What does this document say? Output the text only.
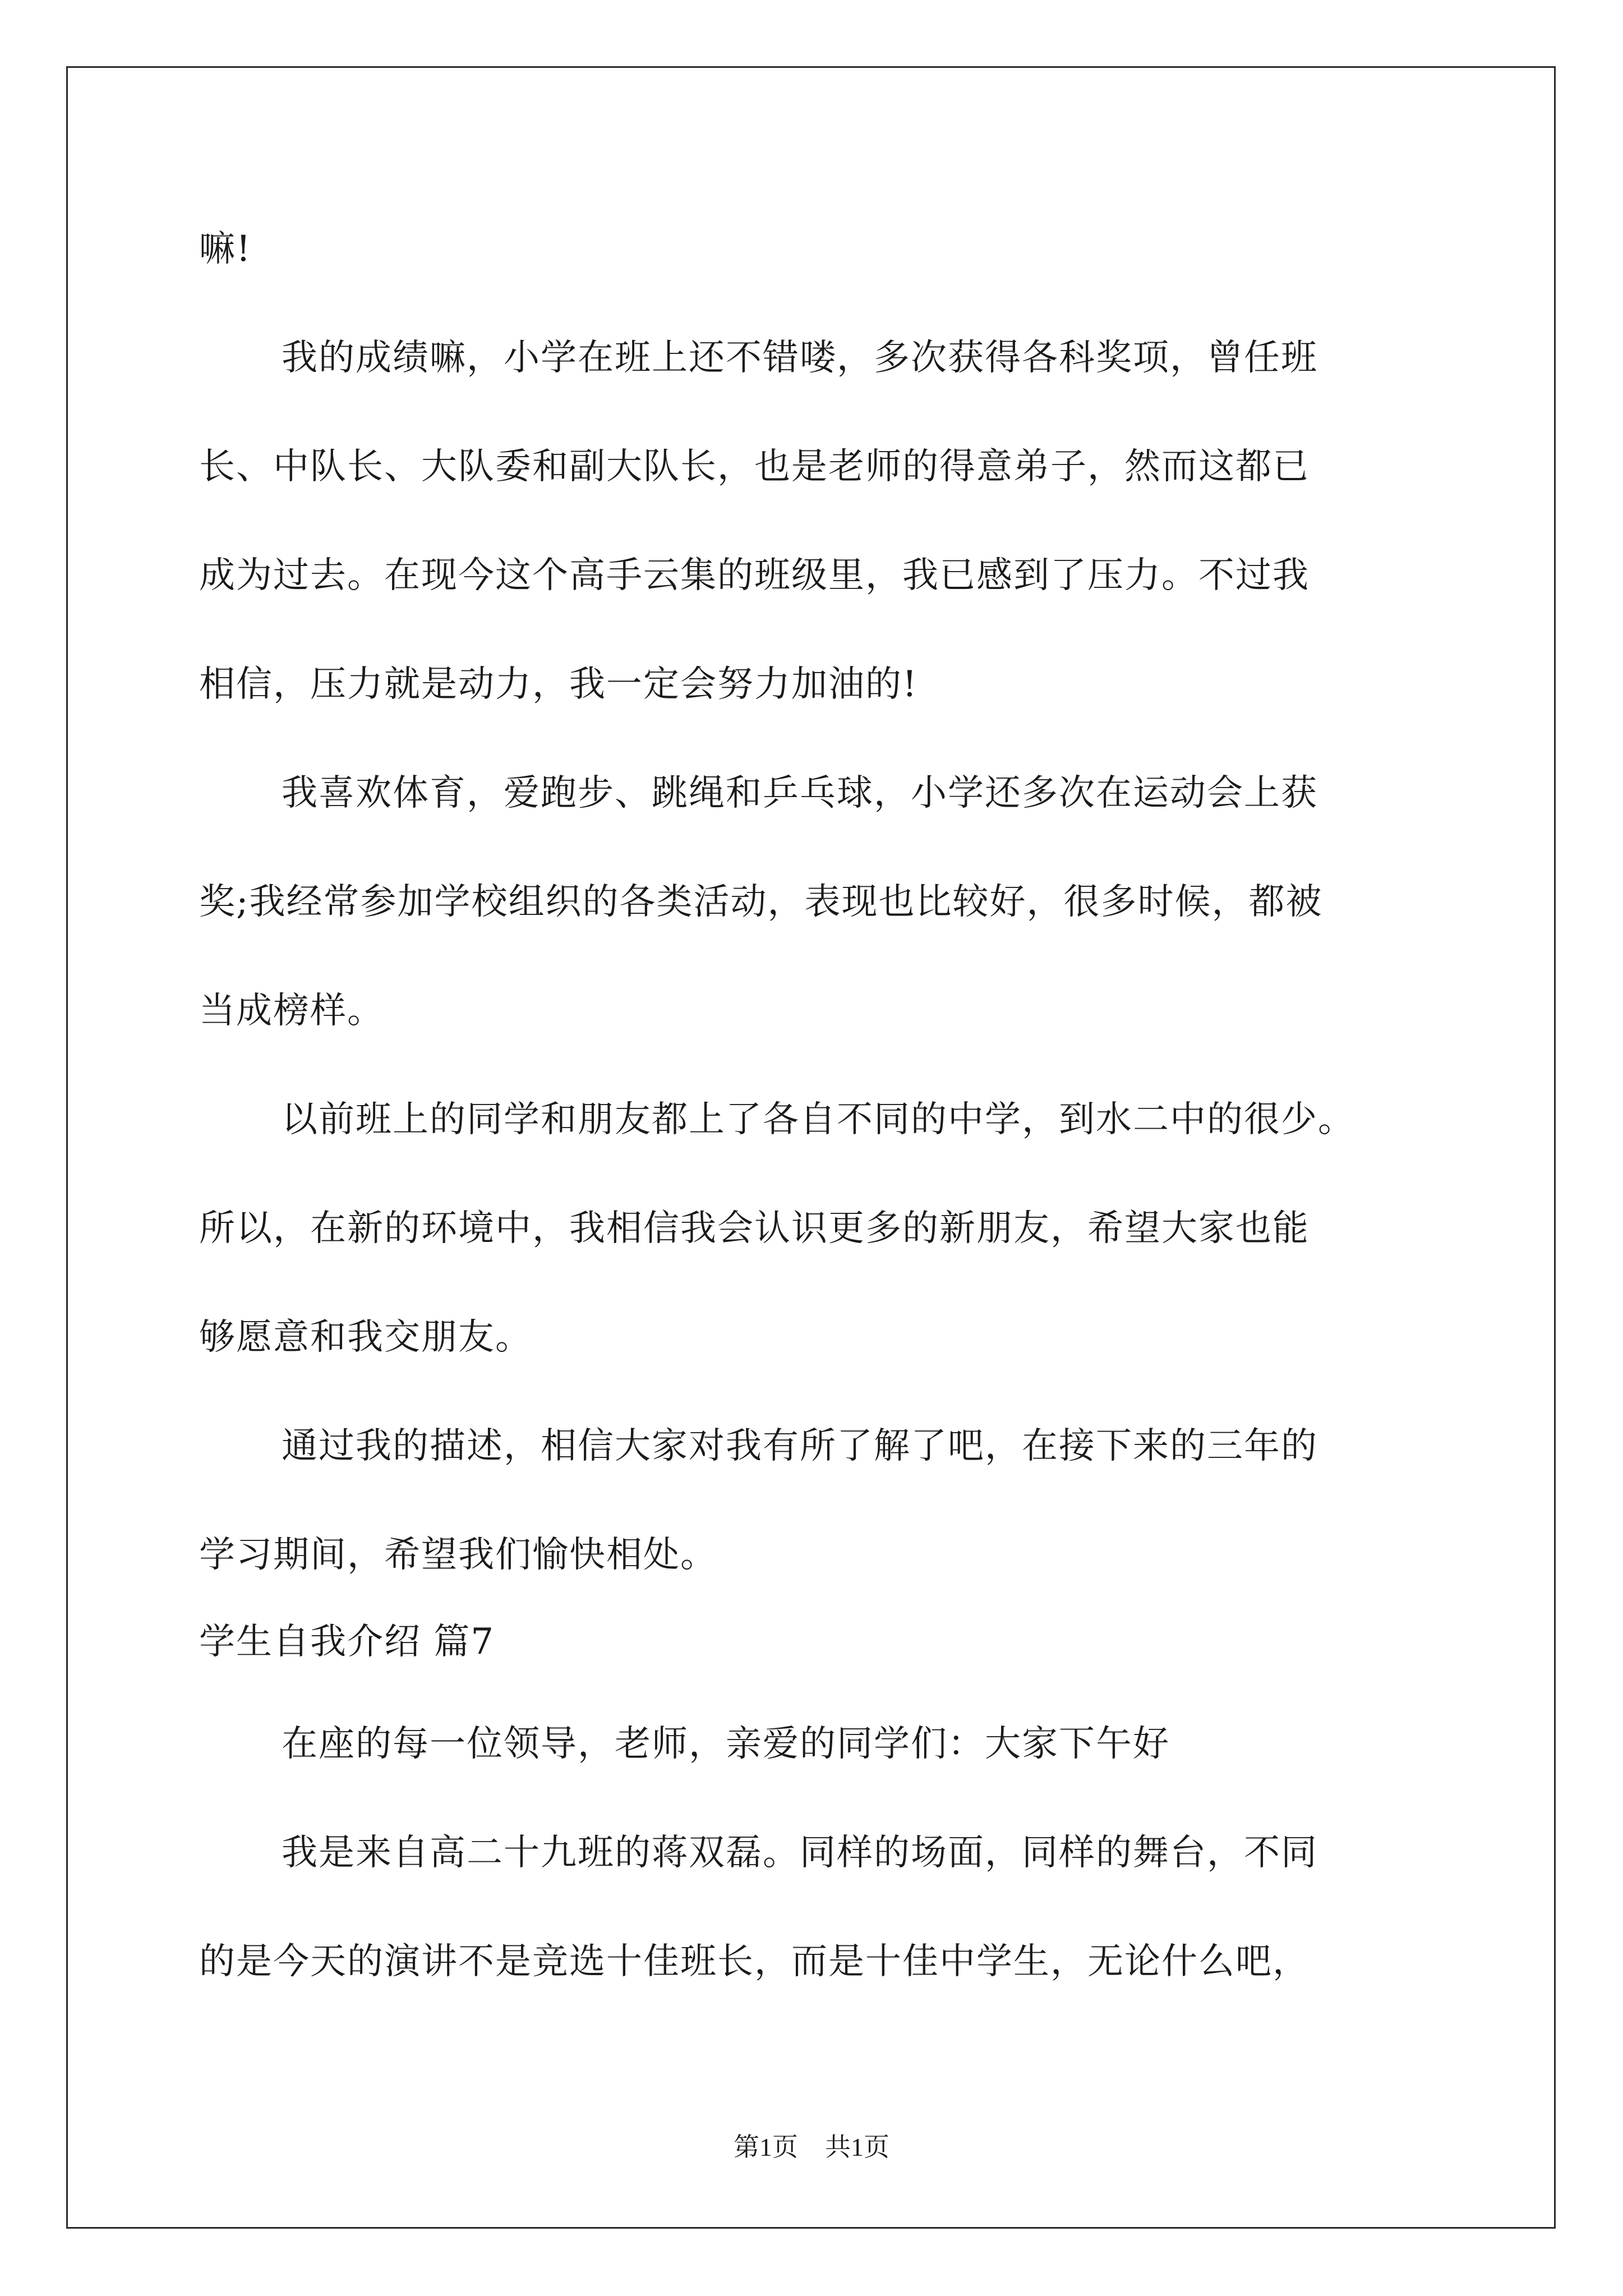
嘛!

我的成绩嘛，小学在班上还不错喽，多次获得各科奖项，曾任班

长、中队长、大队委和副大队长，也是老师的得意弟子，然而这都已

成为过去。在现今这个高手云集的班级里，我已感到了压力。不过我

相信，压力就是动力，我一定会努力加油的!

我喜欢体育，爱跑步、跳绳和乒乓球，小学还多次在运动会上获

奖;我经常参加学校组织的各类活动，表现也比较好，很多时候，都被

当成榜样。

以前班上的同学和朋友都上了各自不同的中学，到水二中的很少。

所以，在新的环境中，我相信我会认识更多的新朋友，希望大家也能

够愿意和我交朋友。

通过我的描述，相信大家对我有所了解了吧，在接下来的三年的

学习期间，希望我们愉快相处。

学生自我介绍 篇7

在座的每一位领导，老师，亲爱的同学们：大家下午好

我是来自高二十九班的蒋双磊。同样的场面，同样的舞台，不同

的是今天的演讲不是竞选十佳班长，而是十佳中学生，无论什么吧，

第1页 共1页
